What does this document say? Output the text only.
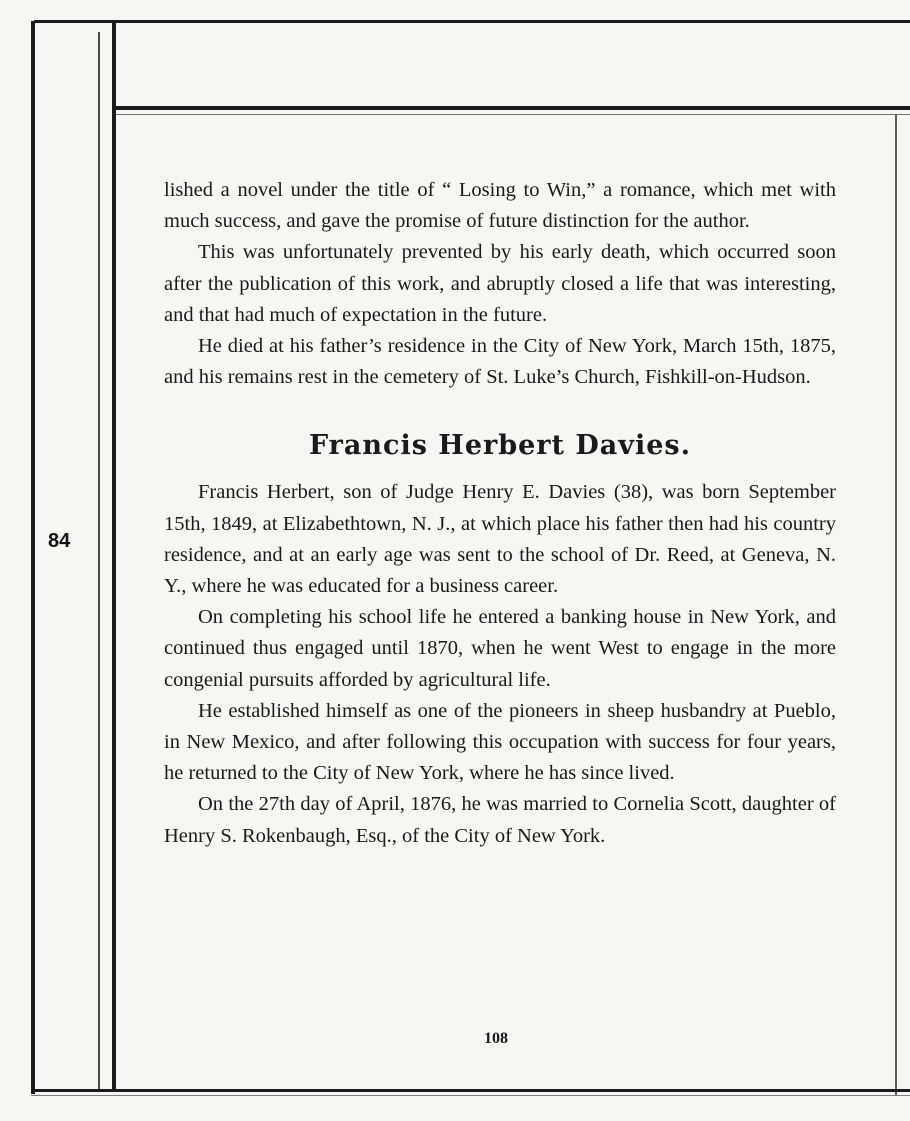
84

lished a novel under the title of “ Losing to Win,” a romance, which met with much success, and gave the promise of future distinction for the author.

This was unfortunately prevented by his early death, which occurred soon after the publication of this work, and abruptly closed a life that was interesting, and that had much of expectation in the future.

He died at his father’s residence in the City of New York, March 15th, 1875, and his remains rest in the cemetery of St. Luke’s Church, Fishkill-on-Hudson.

Francis Herbert Davies.

Francis Herbert, son of Judge Henry E. Davies (38), was born September 15th, 1849, at Elizabethtown, N. J., at which place his father then had his country residence, and at an early age was sent to the school of Dr. Reed, at Geneva, N. Y., where he was educated for a business career.

On completing his school life he entered a banking house in New York, and continued thus engaged until 1870, when he went West to engage in the more congenial pursuits afforded by agricultural life.

He established himself as one of the pioneers in sheep husbandry at Pueblo, in New Mexico, and after following this occupation with success for four years, he returned to the City of New York, where he has since lived.

On the 27th day of April, 1876, he was married to Cornelia Scott, daughter of Henry S. Rokenbaugh, Esq., of the City of New York.

108
